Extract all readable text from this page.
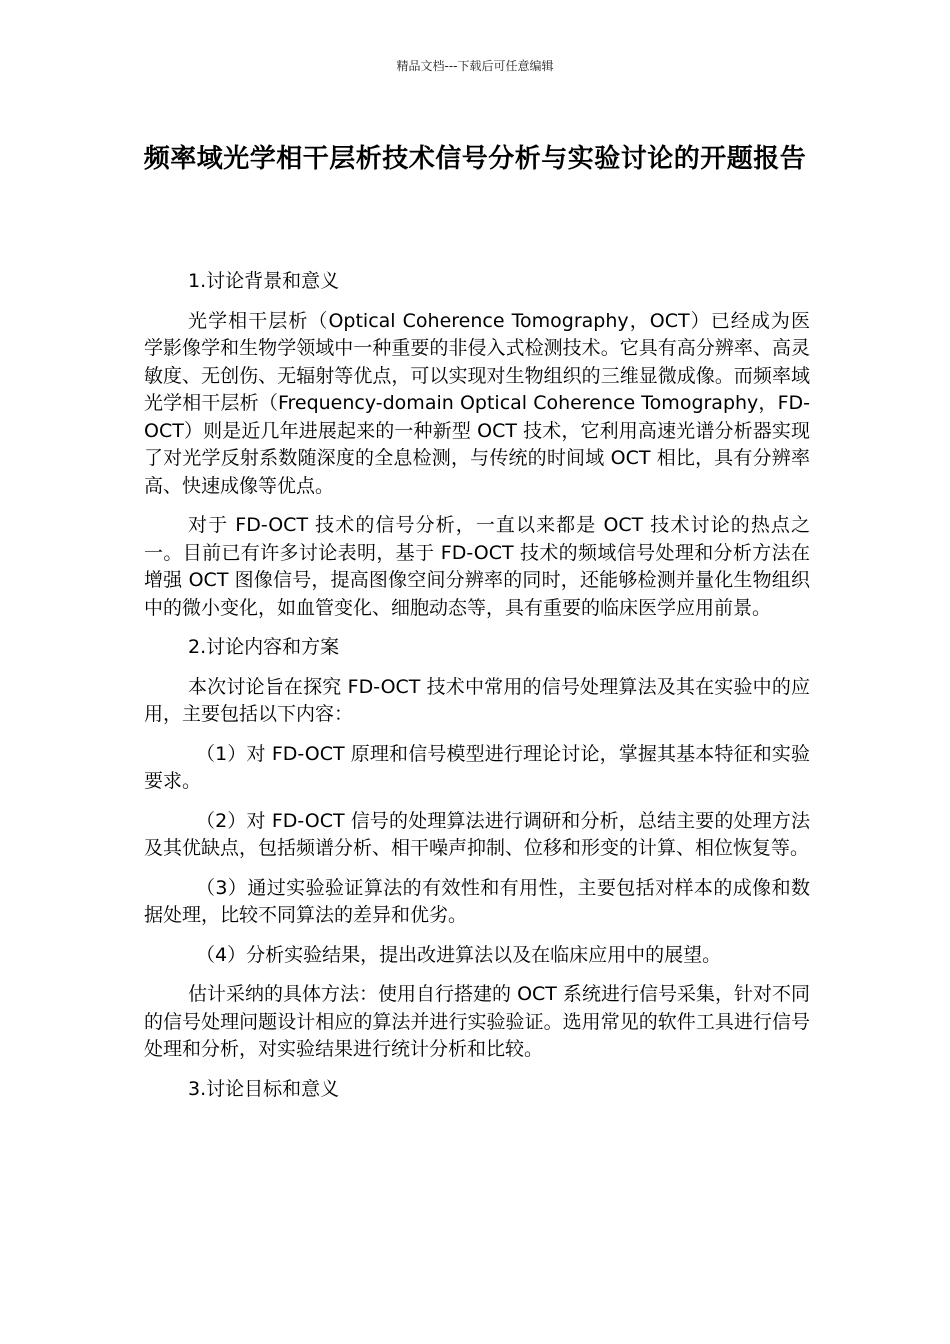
精品文档---下载后可任意编辑
频率域光学相干层析技术信号分析与实验讨论的开题报告
1.讨论背景和意义

光学相干层析（Optical Coherence Tomography，OCT）已经成为医学影像学和生物学领域中一种重要的非侵入式检测技术。它具有高分辨率、高灵敏度、无创伤、无辐射等优点，可以实现对生物组织的三维显微成像。而频率域光学相干层析（Frequency-domain Optical Coherence Tomography，FD-OCT）则是近几年进展起来的一种新型 OCT 技术，它利用高速光谱分析器实现了对光学反射系数随深度的全息检测，与传统的时间域 OCT 相比，具有分辨率高、快速成像等优点。

对于 FD-OCT 技术的信号分析，一直以来都是 OCT 技术讨论的热点之一。目前已有许多讨论表明，基于 FD-OCT 技术的频域信号处理和分析方法在增强 OCT 图像信号，提高图像空间分辨率的同时，还能够检测并量化生物组织中的微小变化，如血管变化、细胞动态等，具有重要的临床医学应用前景。

2.讨论内容和方案

本次讨论旨在探究 FD-OCT 技术中常用的信号处理算法及其在实验中的应用，主要包括以下内容：

（1）对 FD-OCT 原理和信号模型进行理论讨论，掌握其基本特征和实验要求。

（2）对 FD-OCT 信号的处理算法进行调研和分析，总结主要的处理方法及其优缺点，包括频谱分析、相干噪声抑制、位移和形变的计算、相位恢复等。

（3）通过实验验证算法的有效性和有用性，主要包括对样本的成像和数据处理，比较不同算法的差异和优劣。

（4）分析实验结果，提出改进算法以及在临床应用中的展望。

估计采纳的具体方法：使用自行搭建的 OCT 系统进行信号采集，针对不同的信号处理问题设计相应的算法并进行实验验证。选用常见的软件工具进行信号处理和分析，对实验结果进行统计分析和比较。

3.讨论目标和意义
